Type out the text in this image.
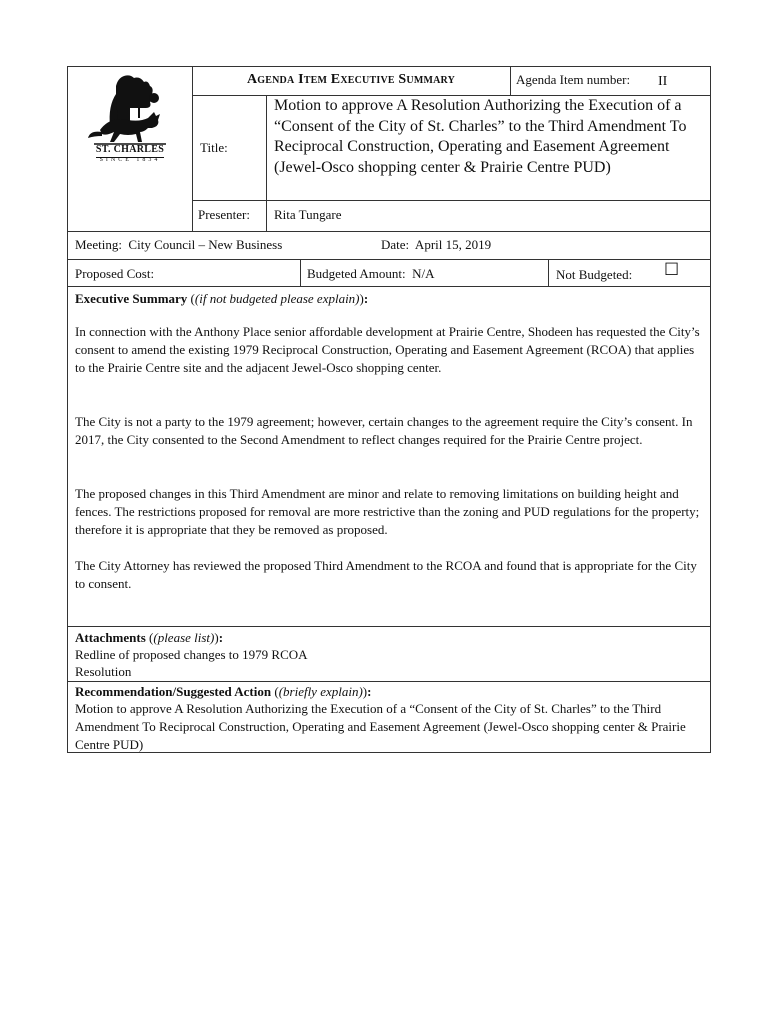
ST. CHARLES
SINCE 1834
Agenda Item Executive Summary	Agenda Item number:	II
Title:
Motion to approve A Resolution Authorizing the Execution of a “Consent of the City of St. Charles” to the Third Amendment To Reciprocal Construction, Operating and Easement Agreement (Jewel-Osco shopping center & Prairie Centre PUD)
Presenter: Rita Tungare
Meeting:  City Council – New Business	Date:  April 15, 2019
Proposed Cost:	Budgeted Amount:  N/A	Not Budgeted: ☐
Executive Summary ((if not budgeted please explain)):
In connection with the Anthony Place senior affordable development at Prairie Centre, Shodeen has requested the City’s consent to amend the existing 1979 Reciprocal Construction, Operating and Easement Agreement (RCOA) that applies to the Prairie Centre site and the adjacent Jewel-Osco shopping center.
The City is not a party to the 1979 agreement; however, certain changes to the agreement require the City’s consent. In 2017, the City consented to the Second Amendment to reflect changes required for the Prairie Centre project.
The proposed changes in this Third Amendment are minor and relate to removing limitations on building height and fences. The restrictions proposed for removal are more restrictive than the zoning and PUD regulations for the property; therefore it is appropriate that they be removed as proposed.
The City Attorney has reviewed the proposed Third Amendment to the RCOA and found that is appropriate for the City to consent.
Attachments ((please list)):
Redline of proposed changes to 1979 RCOA
Resolution
Recommendation/Suggested Action ((briefly explain)):
Motion to approve A Resolution Authorizing the Execution of a “Consent of the City of St. Charles” to the Third Amendment To Reciprocal Construction, Operating and Easement Agreement (Jewel-Osco shopping center & Prairie Centre PUD)
